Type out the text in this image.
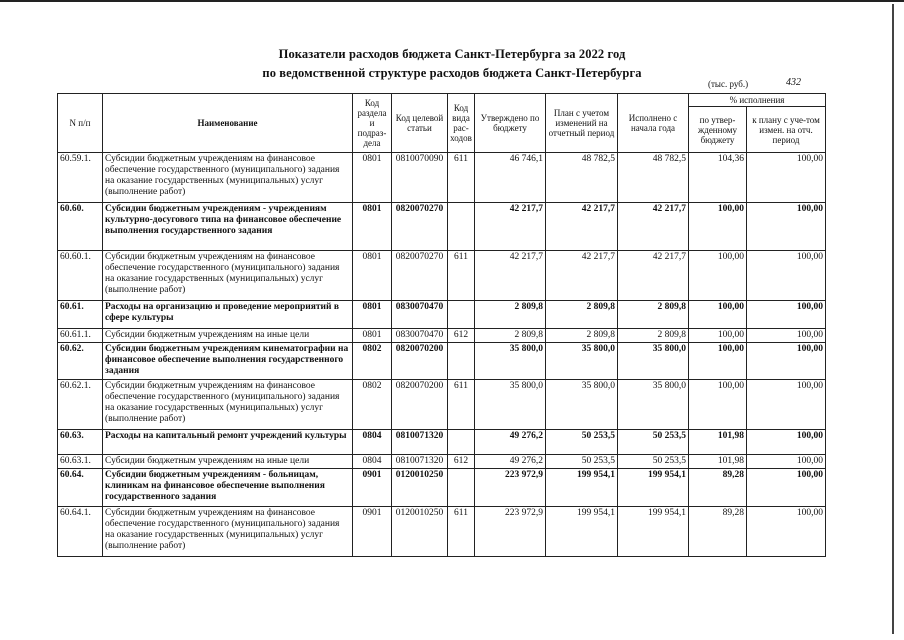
Показатели расходов бюджета Санкт-Петербурга за 2022 год
по ведомственной структуре расходов бюджета Санкт-Петербурга
(тыс. руб.)	432
N п/п	Наименование	Код раздела и подраз-дела	Код целевой статьи	Код вида рас-ходов	Утверждено по бюджету	План с учетом изменений на отчетный период	Исполнено с начала года	% исполнения	
								по утвер-жденному бюджету	к плану с уче-том измен. на отч. период
60.59.1.	Субсидии бюджетным учреждениям на финансовое обеспечение государственного (муниципального) задания на оказание государственных (муниципальных) услуг (выполнение работ)	0801	0810070090	611	46 746,1	48 782,5	48 782,5	104,36	100,00
60.60.	Субсидии бюджетным учреждениям - учреждениям культурно-досугового типа на финансовое обеспечение выполнения государственного задания	0801	0820070270		42 217,7	42 217,7	42 217,7	100,00	100,00
60.60.1.	Субсидии бюджетным учреждениям на финансовое обеспечение государственного (муниципального) задания на оказание государственных (муниципальных) услуг (выполнение работ)	0801	0820070270	611	42 217,7	42 217,7	42 217,7	100,00	100,00
60.61.	Расходы на организацию и проведение мероприятий в сфере культуры	0801	0830070470		2 809,8	2 809,8	2 809,8	100,00	100,00
60.61.1.	Субсидии бюджетным учреждениям на иные цели	0801	0830070470	612	2 809,8	2 809,8	2 809,8	100,00	100,00
60.62.	Субсидии бюджетным учреждениям кинематографии на финансовое обеспечение выполнения государственного задания	0802	0820070200		35 800,0	35 800,0	35 800,0	100,00	100,00
60.62.1.	Субсидии бюджетным учреждениям на финансовое обеспечение государственного (муниципального) задания на оказание государственных (муниципальных) услуг (выполнение работ)	0802	0820070200	611	35 800,0	35 800,0	35 800,0	100,00	100,00
60.63.	Расходы на капитальный ремонт учреждений культуры	0804	0810071320		49 276,2	50 253,5	50 253,5	101,98	100,00
60.63.1.	Субсидии бюджетным учреждениям на иные цели	0804	0810071320	612	49 276,2	50 253,5	50 253,5	101,98	100,00
60.64.	Субсидии бюджетным учреждениям - больницам, клиникам на финансовое обеспечение выполнения государственного задания	0901	0120010250		223 972,9	199 954,1	199 954,1	89,28	100,00
60.64.1.	Субсидии бюджетным учреждениям на финансовое обеспечение государственного (муниципального) задания на оказание государственных (муниципальных) услуг (выполнение работ)	0901	0120010250	611	223 972,9	199 954,1	199 954,1	89,28	100,00
